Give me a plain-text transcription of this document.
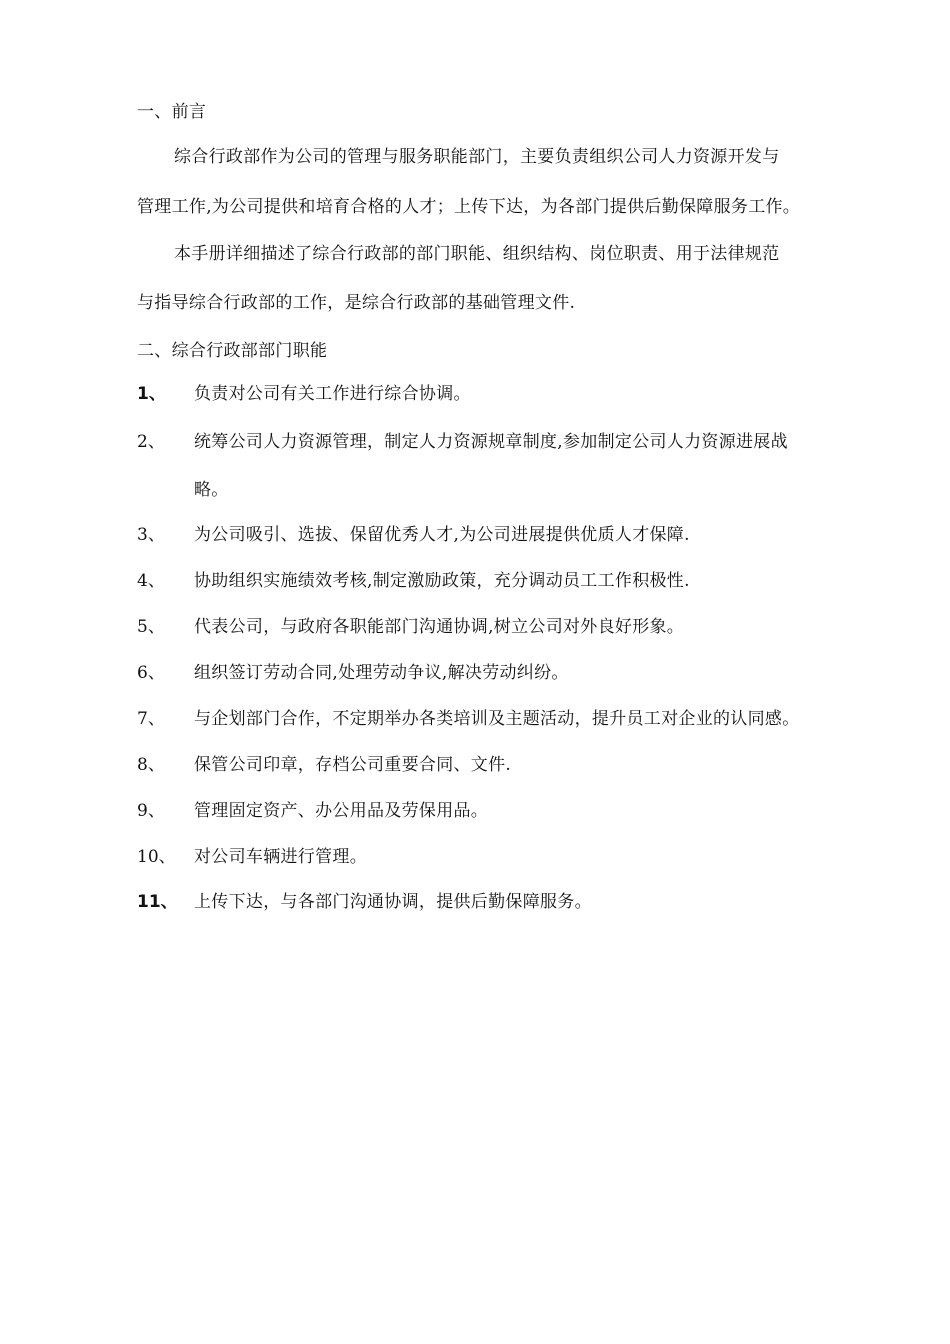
一、前言
综合行政部作为公司的管理与服务职能部门，主要负责组织公司人力资源开发与
管理工作,为公司提供和培育合格的人才；上传下达，为各部门提供后勤保障服务工作。
本手册详细描述了综合行政部的部门职能、组织结构、岗位职责、用于法律规范
与指导综合行政部的工作，是综合行政部的基础管理文件.
二、综合行政部部门职能
1、	负责对公司有关工作进行综合协调。
2、	统筹公司人力资源管理，制定人力资源规章制度,参加制定公司人力资源进展战
略。
3、	为公司吸引、选拔、保留优秀人才,为公司进展提供优质人才保障.
4、	协助组织实施绩效考核,制定激励政策，充分调动员工工作积极性.
5、	代表公司，与政府各职能部门沟通协调,树立公司对外良好形象。
6、	组织签订劳动合同,处理劳动争议,解决劳动纠纷。
7、	与企划部门合作，不定期举办各类培训及主题活动，提升员工对企业的认同感。
8、	保管公司印章，存档公司重要合同、文件.
9、	管理固定资产、办公用品及劳保用品。
10、	对公司车辆进行管理。
11、 上传下达，与各部门沟通协调，提供后勤保障服务。
